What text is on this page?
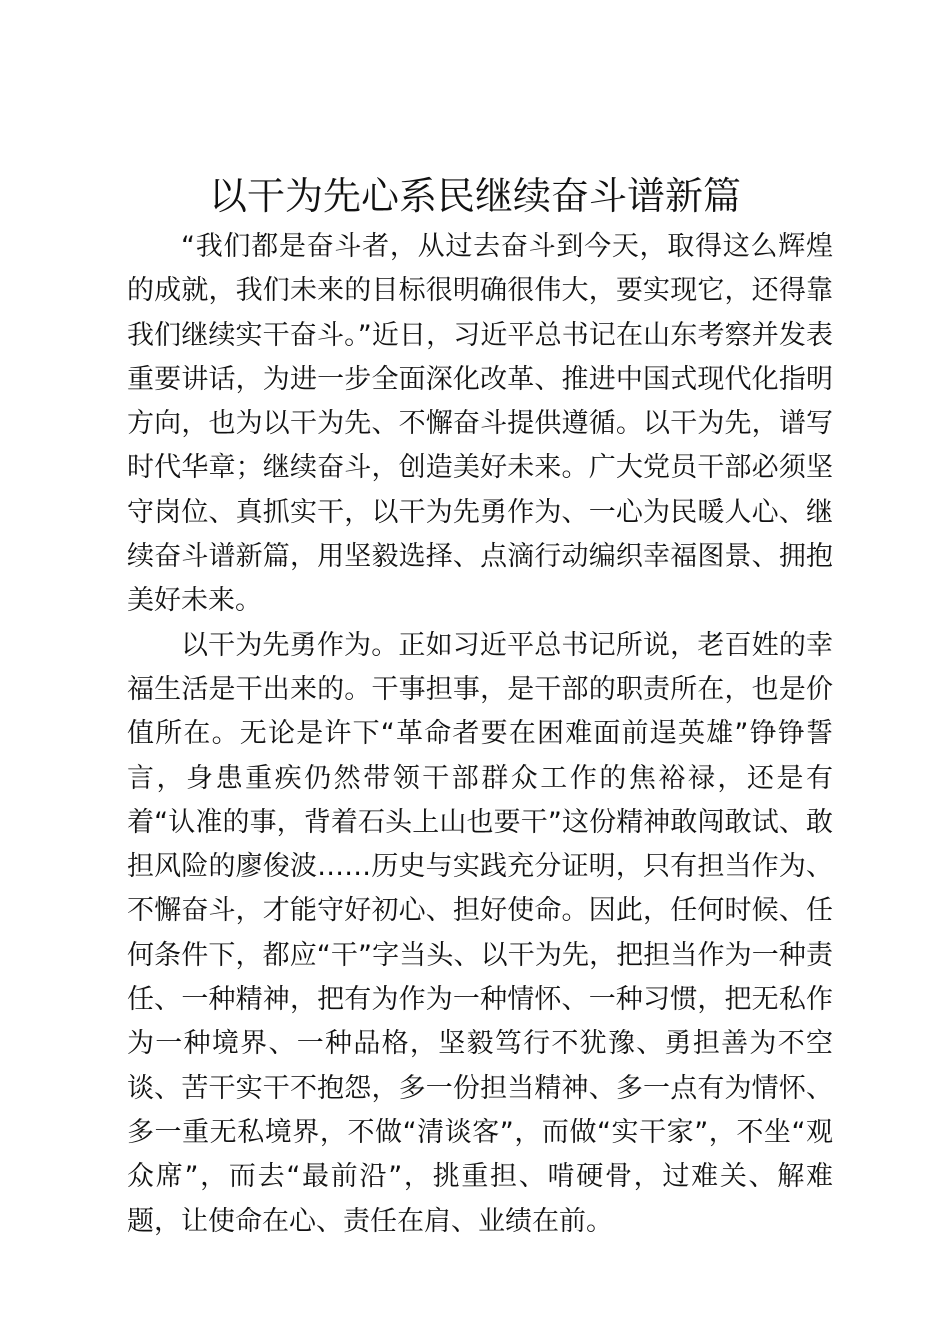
以干为先心系民继续奋斗谱新篇

“我们都是奋斗者，从过去奋斗到今天，取得这么辉煌的成就，我们未来的目标很明确很伟大，要实现它，还得靠我们继续实干奋斗。”近日，习近平总书记在山东考察并发表重要讲话，为进一步全面深化改革、推进中国式现代化指明方向，也为以干为先、不懈奋斗提供遵循。以干为先，谱写时代华章；继续奋斗，创造美好未来。广大党员干部必须坚守岗位、真抓实干，以干为先勇作为、一心为民暖人心、继续奋斗谱新篇，用坚毅选择、点滴行动编织幸福图景、拥抱美好未来。

以干为先勇作为。正如习近平总书记所说，老百姓的幸福生活是干出来的。干事担事，是干部的职责所在，也是价值所在。无论是许下“革命者要在困难面前逞英雄”铮铮誓言，身患重疾仍然带领干部群众工作的焦裕禄，还是有着“认准的事，背着石头上山也要干”这份精神敢闯敢试、敢担风险的廖俊波……历史与实践充分证明，只有担当作为、不懈奋斗，才能守好初心、担好使命。因此，任何时候、任何条件下，都应“干”字当头、以干为先，把担当作为一种责任、一种精神，把有为作为一种情怀、一种习惯，把无私作为一种境界、一种品格，坚毅笃行不犹豫、勇担善为不空谈、苦干实干不抱怨，多一份担当精神、多一点有为情怀、多一重无私境界，不做“清谈客”，而做“实干家”，不坐“观众席”，而去“最前沿”，挑重担、啃硬骨，过难关、解难题，让使命在心、责任在肩、业绩在前。
